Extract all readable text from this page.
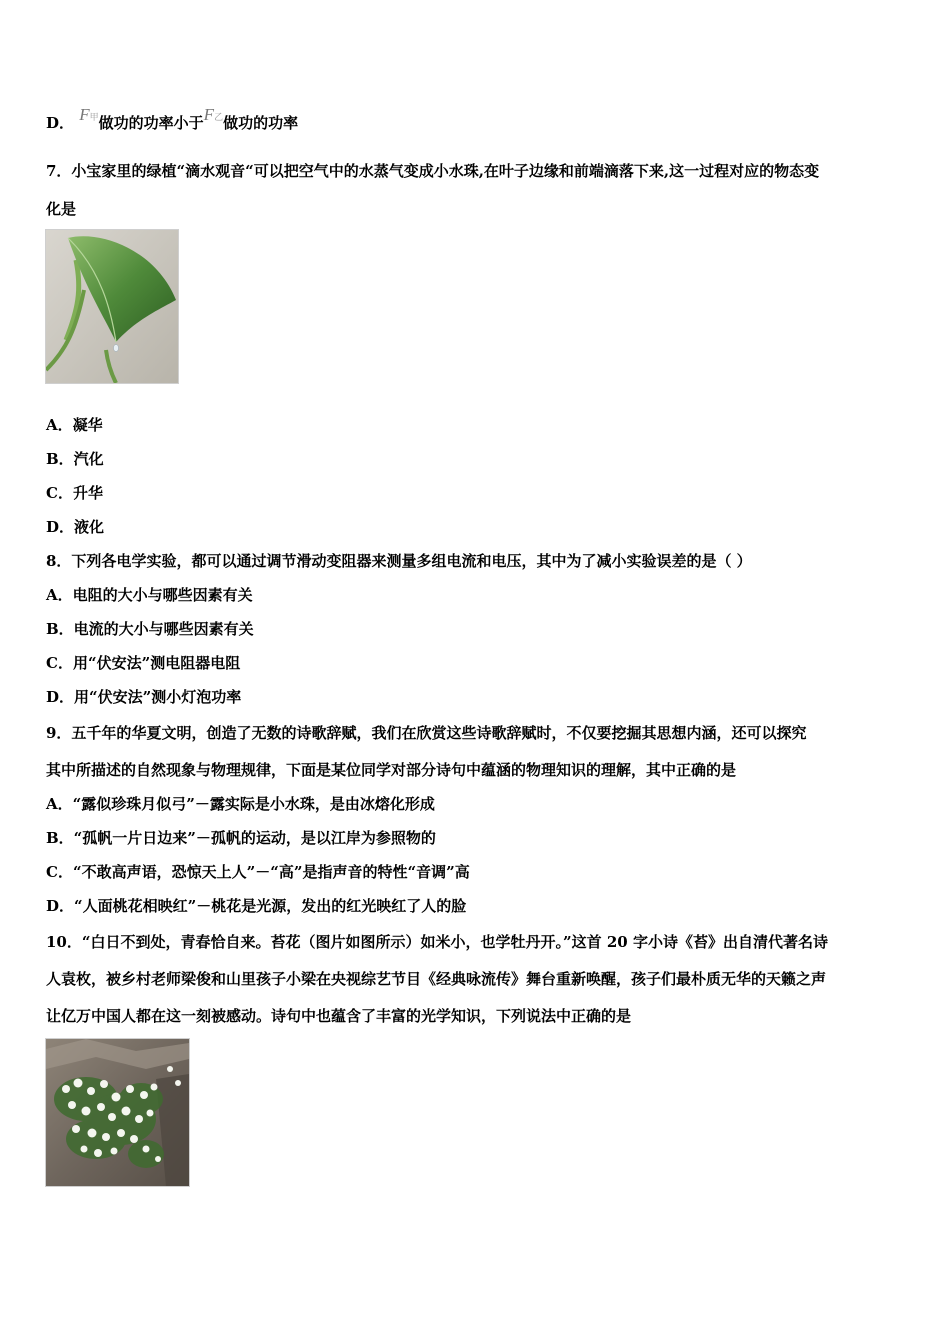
D． F甲做功的功率小于F乙做功的功率
7．小宝家里的绿植“滴水观音“可以把空气中的水蒸气变成小水珠,在叶子边缘和前端滴落下来,这一过程对应的物态变
化是
A．凝华
B．汽化
C．升华
D．液化
8．下列各电学实验，都可以通过调节滑动变阻器来测量多组电流和电压，其中为了减小实验误差的是（ ）
A．电阻的大小与哪些因素有关
B．电流的大小与哪些因素有关
C．用“伏安法”测电阻器电阻
D．用“伏安法”测小灯泡功率
9．五千年的华夏文明，创造了无数的诗歌辞赋，我们在欣赏这些诗歌辞赋时，不仅要挖掘其思想内涵，还可以探究
其中所描述的自然现象与物理规律，下面是某位同学对部分诗句中蕴涵的物理知识的理解，其中正确的是
A．“露似珍珠月似弓”－露实际是小水珠，是由冰熔化形成
B．“孤帆一片日边来”－孤帆的运动，是以江岸为参照物的
C．“不敢高声语，恐惊天上人”－“高”是指声音的特性“音调”高
D．“人面桃花相映红”－桃花是光源，发出的红光映红了人的脸
10．“白日不到处，青春恰自来。苔花（图片如图所示）如米小，也学牡丹开。”这首 20 字小诗《苔》出自清代著名诗
人袁枚，被乡村老师梁俊和山里孩子小梁在央视综艺节目《经典咏流传》舞台重新唤醒，孩子们最朴质无华的天籁之声
让亿万中国人都在这一刻被感动。诗句中也蕴含了丰富的光学知识，下列说法中正确的是
